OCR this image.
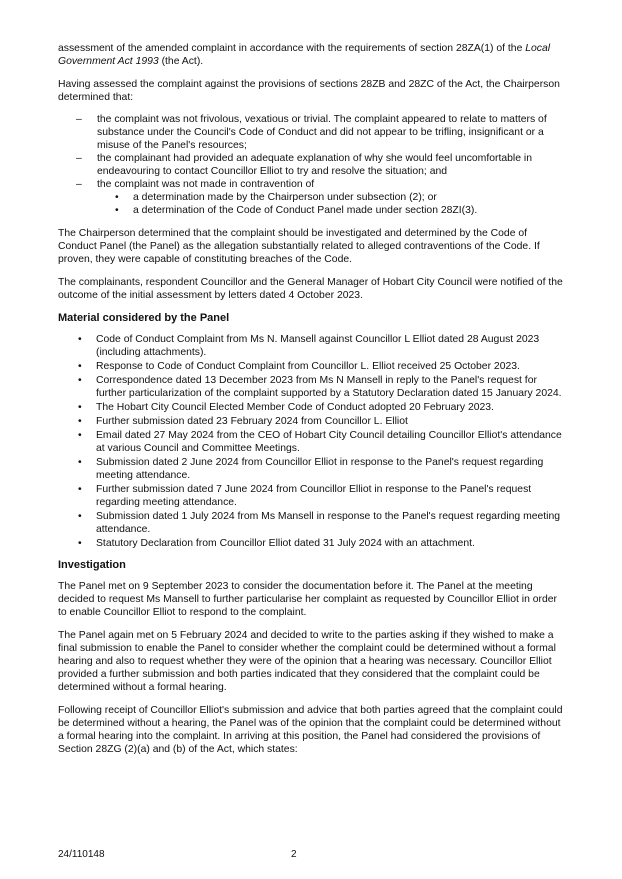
assessment of the amended complaint in accordance with the requirements of section 28ZA(1) of the Local Government Act 1993 (the Act).

Having assessed the complaint against the provisions of sections 28ZB and 28ZC of the Act, the Chairperson determined that:

– the complaint was not frivolous, vexatious or trivial. The complaint appeared to relate to matters of substance under the Council's Code of Conduct and did not appear to be trifling, insignificant or a misuse of the Panel's resources;
– the complainant had provided an adequate explanation of why she would feel uncomfortable in endeavouring to contact Councillor Elliot to try and resolve the situation; and
– the complaint was not made in contravention of
• a determination made by the Chairperson under subsection (2); or
• a determination of the Code of Conduct Panel made under section 28ZI(3).

The Chairperson determined that the complaint should be investigated and determined by the Code of Conduct Panel (the Panel) as the allegation substantially related to alleged contraventions of the Code. If proven, they were capable of constituting breaches of the Code.

The complainants, respondent Councillor and the General Manager of Hobart City Council were notified of the outcome of the initial assessment by letters dated 4 October 2023.

Material considered by the Panel
• Code of Conduct Complaint from Ms N. Mansell against Councillor L Elliot dated 28 August 2023 (including attachments).
• Response to Code of Conduct Complaint from Councillor L. Elliot received 25 October 2023.
• Correspondence dated 13 December 2023 from Ms N Mansell in reply to the Panel's request for further particularization of the complaint supported by a Statutory Declaration dated 15 January 2024.
• The Hobart City Council Elected Member Code of Conduct adopted 20 February 2023.
• Further submission dated 23 February 2024 from Councillor L. Elliot
• Email dated 27 May 2024 from the CEO of Hobart City Council detailing Councillor Elliot's attendance at various Council and Committee Meetings.
• Submission dated 2 June 2024 from Councillor Elliot in response to the Panel's request regarding meeting attendance.
• Further submission dated 7 June 2024 from Councillor Elliot in response to the Panel's request regarding meeting attendance.
• Submission dated 1 July 2024 from Ms Mansell in response to the Panel's request regarding meeting attendance.
• Statutory Declaration from Councillor Elliot dated 31 July 2024 with an attachment.
Investigation

The Panel met on 9 September 2023 to consider the documentation before it. The Panel at the meeting decided to request Ms Mansell to further particularise her complaint as requested by Councillor Elliot in order to enable Councillor Elliot to respond to the complaint.

The Panel again met on 5 February 2024 and decided to write to the parties asking if they wished to make a final submission to enable the Panel to consider whether the complaint could be determined without a formal hearing and also to request whether they were of the opinion that a hearing was necessary. Councillor Elliot provided a further submission and both parties indicated that they considered that the complaint could be determined without a formal hearing.

Following receipt of Councillor Elliot's submission and advice that both parties agreed that the complaint could be determined without a hearing, the Panel was of the opinion that the complaint could be determined without a formal hearing into the complaint. In arriving at this position, the Panel had considered the provisions of Section 28ZG (2)(a) and (b) of the Act, which states:

24/110148	2
